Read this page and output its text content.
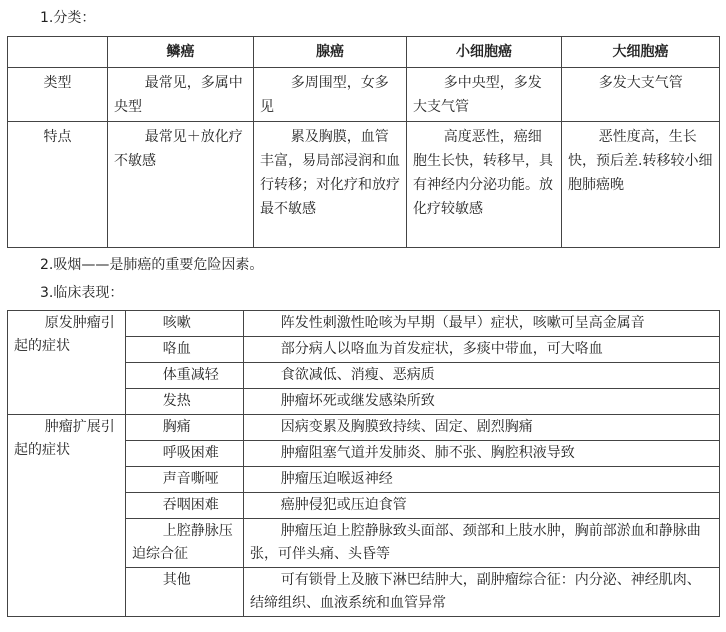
1.分类：
	鳞癌	腺癌	小细胞癌	大细胞癌
类型	最常见，多属中央型	多周围型，女多见	多中央型，多发大支气管	多发大支气管
特点	最常见＋放化疗不敏感	累及胸膜，血管丰富，易局部浸润和血行转移；对化疗和放疗最不敏感	高度恶性，癌细胞生长快，转移早，具有神经内分泌功能。放化疗较敏感	恶性度高，生长快，预后差.转移较小细胞肺癌晚
2.吸烟——是肺癌的重要危险因素。
3.临床表现：
原发肿瘤引起的症状	咳嗽	阵发性刺激性呛咳为早期（最早）症状，咳嗽可呈高金属音
	咯血	部分病人以咯血为首发症状，多痰中带血，可大咯血
	体重减轻	食欲减低、消瘦、恶病质
	发热	肿瘤坏死或继发感染所致
肿瘤扩展引起的症状	胸痛	因病变累及胸膜致持续、固定、剧烈胸痛
	呼吸困难	肿瘤阻塞气道并发肺炎、肺不张、胸腔积液导致
	声音嘶哑	肿瘤压迫喉返神经
	吞咽困难	癌肿侵犯或压迫食管
	上腔静脉压迫综合征	肿瘤压迫上腔静脉致头面部、颈部和上肢水肿，胸前部淤血和静脉曲张，可伴头痛、头昏等
	其他	可有锁骨上及腋下淋巴结肿大，副肿瘤综合征：内分泌、神经肌肉、结缔组织、血液系统和血管异常
